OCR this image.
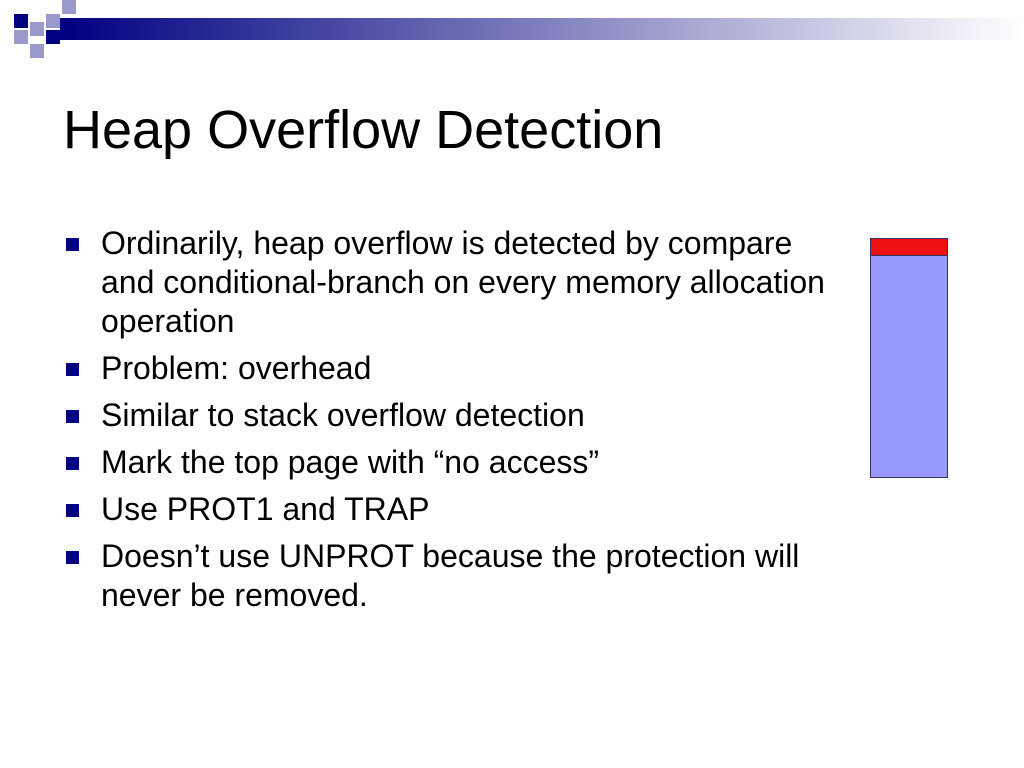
Heap Overflow Detection
Ordinarily, heap overflow is detected by compare and conditional-branch on every memory allocation operation
Problem: overhead
Similar to stack overflow detection
Mark the top page with “no access”
Use PROT1 and TRAP
Doesn’t use UNPROT because the protection will never be removed.
